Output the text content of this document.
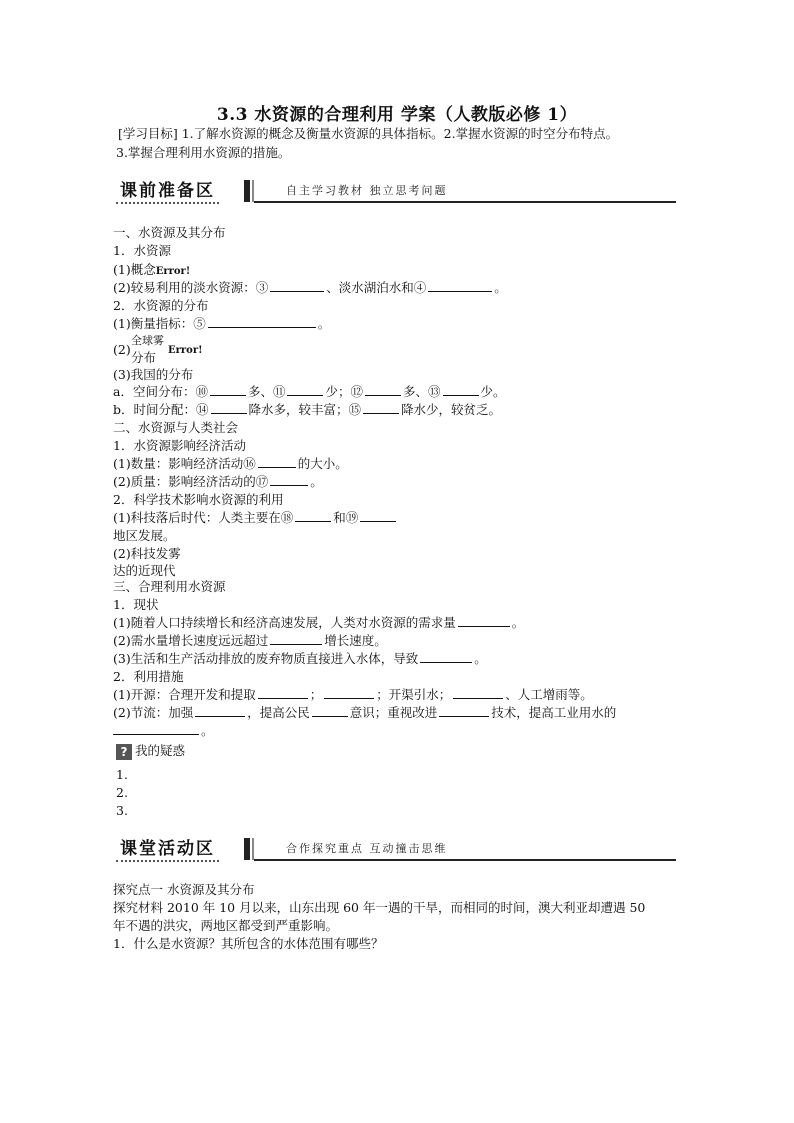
3.3 水资源的合理利用 学案（人教版必修 1）
[学习目标] 1.了解水资源的概念及衡量水资源的具体指标。2.掌握水资源的时空分布特点。
3.掌握合理利用水资源的措施。
课前准备区	自主学习教材 独立思考问题
一、水资源及其分布
1．水资源
(1)概念Error!
(2)较易利用的淡水资源：③	、淡水湖泊水和④	。
2．水资源的分布
(1)衡量指标：⑤	。
全球雾
(2)	Error!
分布
(3)我国的分布
a．空间分布：⑩	多、⑪	少；⑫	多、⑬	少。
b．时间分配：⑭	降水多，较丰富；⑮	降水少，较贫乏。
二、水资源与人类社会
1．水资源影响经济活动
(1)数量：影响经济活动⑯	的大小。
(2)质量：影响经济活动的⑰	。
2．科学技术影响水资源的利用
(1)科技落后时代：人类主要在⑱	和⑲
地区发展。
(2)科技发雾
达的近现代
三、合理利用水资源
1．现状
(1)随着人口持续增长和经济高速发展，人类对水资源的需求量	。
(2)需水量增长速度远远超过	增长速度。
(3)生活和生产活动排放的废弃物质直接进入水体，导致	。
2．利用措施
(1)开源：合理开发和提取	；	；开渠引水；	、人工增雨等。
(2)节流：加强	，提高公民	意识；重视改进	技术，提高工业用水的
。
? 我的疑惑
1.
2.
3.
课堂活动区	合作探究重点 互动撞击思维
探究点一 水资源及其分布
探究材料 2010 年 10 月以来，山东出现 60 年一遇的干旱，而相同的时间，澳大利亚却遭遇 50
年不遇的洪灾，两地区都受到严重影响。
1．什么是水资源？其所包含的水体范围有哪些？
